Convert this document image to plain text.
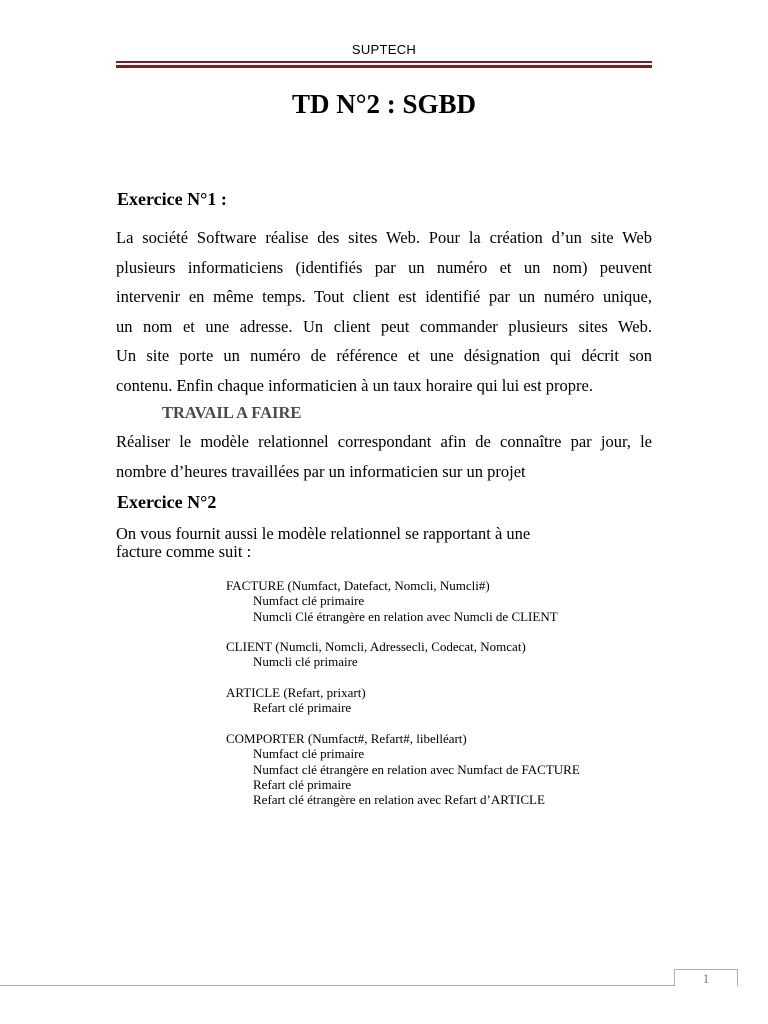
SUPTECH
TD N°2 : SGBD
Exercice N°1 :
La société Software réalise des sites Web. Pour la création d’un site Web
plusieurs informaticiens (identifiés par un numéro et un nom) peuvent
intervenir en même temps. Tout client est identifié par un numéro unique,
un nom et une adresse. Un client peut commander plusieurs sites Web.
Un site porte un numéro de référence et une désignation qui décrit son
contenu. Enfin chaque informaticien à un taux horaire qui lui est propre.
TRAVAIL A FAIRE
Réaliser le modèle relationnel correspondant afin de connaître par jour, le
nombre d’heures travaillées par un informaticien sur un projet
Exercice N°2
On vous fournit aussi le modèle relationnel se rapportant à une
facture comme suit :
FACTURE (Numfact, Datefact, Nomcli, Numcli#)
Numfact clé primaire
Numcli Clé étrangère en relation avec Numcli de CLIENT
CLIENT (Numcli, Nomcli, Adressecli, Codecat, Nomcat)
Numcli clé primaire
ARTICLE (Refart, prixart)
Refart clé primaire
COMPORTER (Numfact#, Refart#, libelléart)
Numfact clé primaire
Numfact clé étrangère en relation avec Numfact de FACTURE
Refart clé primaire
Refart clé étrangère en relation avec Refart d’ARTICLE
1
